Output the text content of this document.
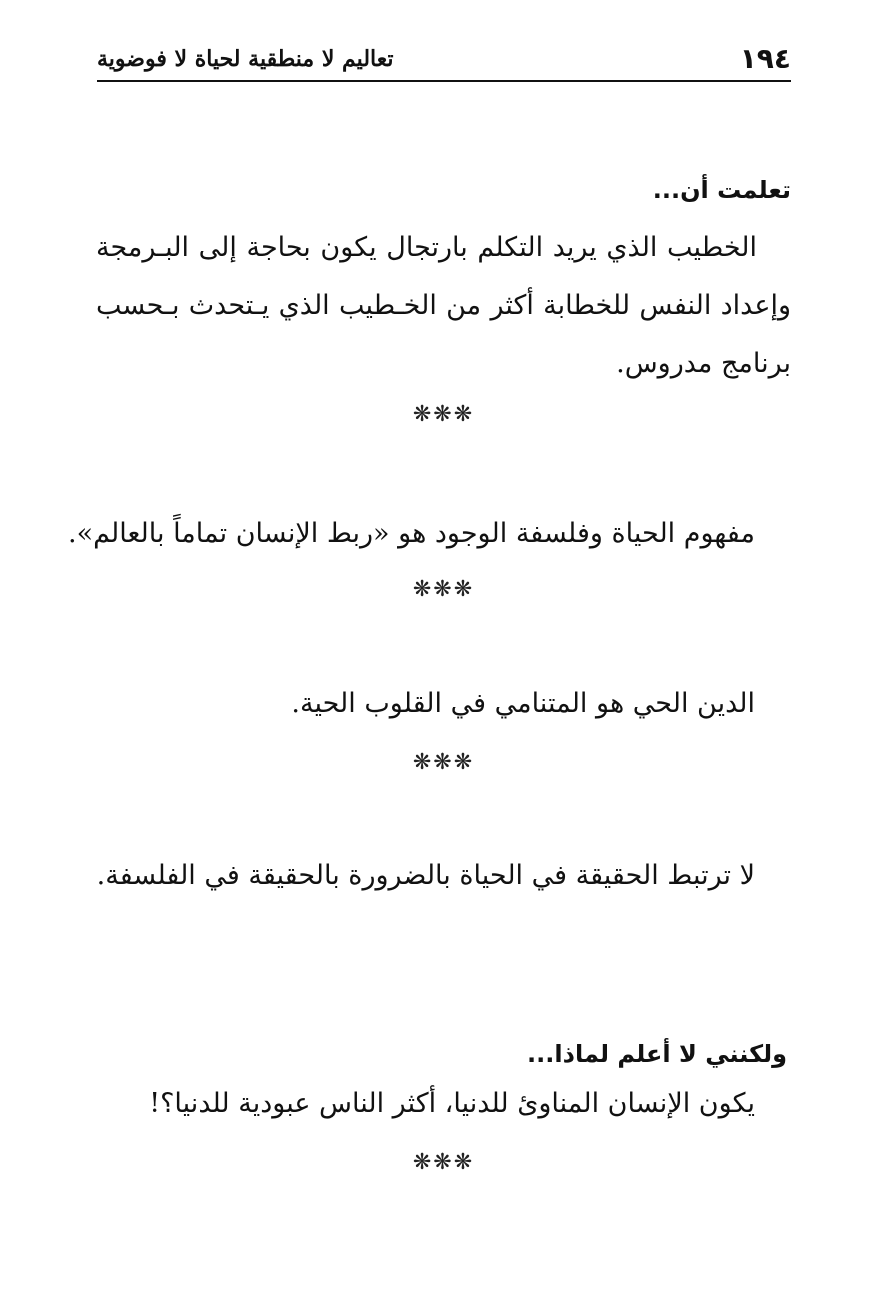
١٩٤
تعاليم لا منطقية لحياة لا فوضوية
تعلمت أن...
الخطيب الذي يريد التكلم بارتجال يكون بحاجة إلى البـرمجة
وإعداد النفس للخطابة أكثر من الخـطيب الذي يـتحدث بـحسب
برنامج مدروس.
❋❋❋
مفهوم الحياة وفلسفة الوجود هو «ربط الإنسان تماماً بالعالم».
❋❋❋
الدين الحي هو المتنامي في القلوب الحية.
❋❋❋
لا ترتبط الحقيقة في الحياة بالضرورة بالحقيقة في الفلسفة.
ولكنني لا أعلم لماذا...
يكون الإنسان المناوئ للدنيا، أكثر الناس عبودية للدنيا؟!
❋❋❋
